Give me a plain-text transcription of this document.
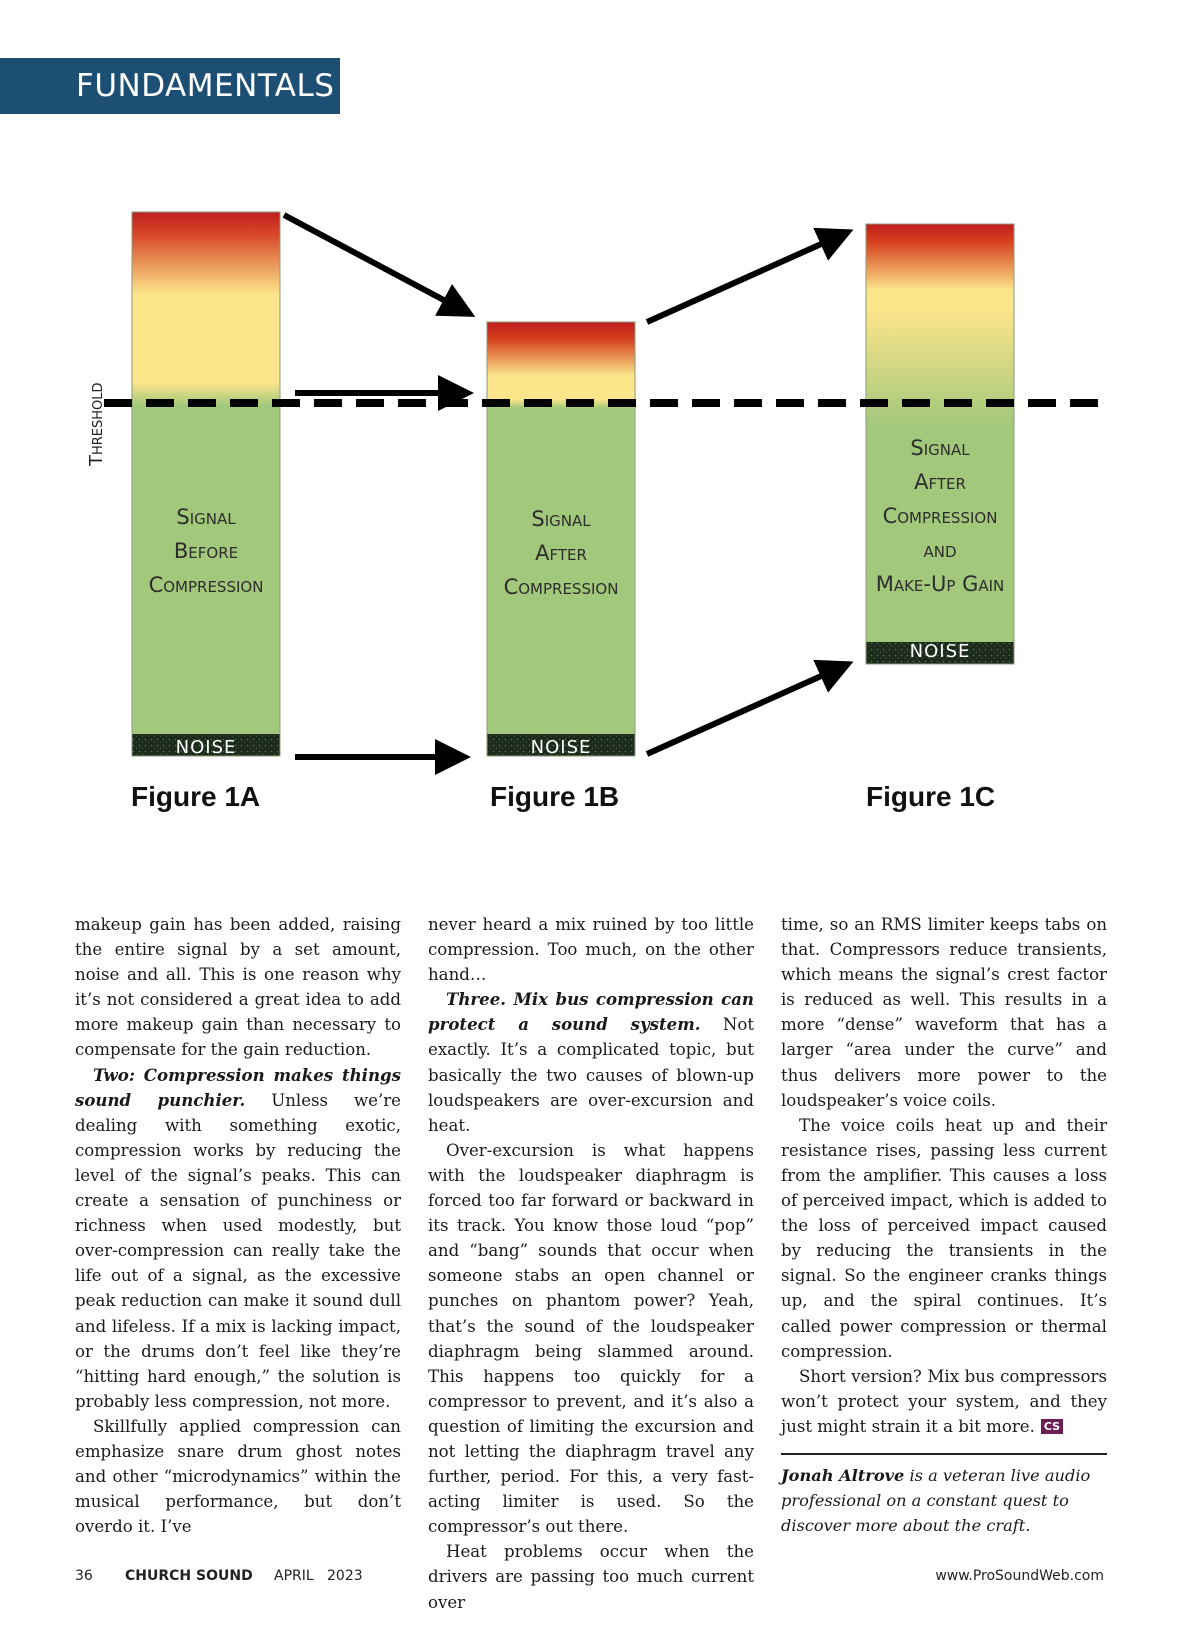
FUNDAMENTALS
Signal
Before
Compression
NOISE
Signal
After
Compression
NOISE
Signal
After
Compression
and
Make-Up Gain
NOISE
Threshold
Figure 1A	Figure 1B	Figure 1C

makeup gain has been added, raising the entire signal by a set amount, noise and all. This is one reason why it’s not considered a great idea to add more makeup gain than necessary to compensate for the gain reduction.

Two: Compression makes things sound punchier. Unless we’re dealing with something exotic, compression works by reducing the level of the signal’s peaks. This can create a sensation of punchiness or richness when used modestly, but over-compression can really take the life out of a signal, as the excessive peak reduction can make it sound dull and lifeless. If a mix is lacking impact, or the drums don’t feel like they’re “hitting hard enough,” the solution is probably less compression, not more.

Skillfully applied compression can emphasize snare drum ghost notes and other “microdynamics” within the musical performance, but don’t overdo it. I’ve

never heard a mix ruined by too little compression. Too much, on the other hand…

Three. Mix bus compression can protect a sound system. Not exactly. It’s a complicated topic, but basically the two causes of blown-up loudspeakers are over-excursion and heat.

Over-excursion is what happens with the loudspeaker diaphragm is forced too far forward or backward in its track. You know those loud “pop” and “bang” sounds that occur when someone stabs an open channel or punches on phantom power? Yeah, that’s the sound of the loudspeaker diaphragm being slammed around. This happens too quickly for a compressor to prevent, and it’s also a question of limiting the excursion and not letting the diaphragm travel any further, period. For this, a very fast-acting limiter is used. So the compressor’s out there.

Heat problems occur when the drivers are passing too much current over

time, so an RMS limiter keeps tabs on that. Compressors reduce transients, which means the signal’s crest factor is reduced as well. This results in a more “dense” waveform that has a larger “area under the curve” and thus delivers more power to the loudspeaker’s voice coils.

The voice coils heat up and their resistance rises, passing less current from the amplifier. This causes a loss of perceived impact, which is added to the loss of perceived impact caused by reducing the transients in the signal. So the engineer cranks things up, and the spiral continues. It’s called power compression or thermal compression.

Short version? Mix bus compressors won’t protect your system, and they just might strain it a bit more. CS

Jonah Altrove is a veteran live audio professional on a constant quest to discover more about the craft.
36 CHURCH SOUND APRIL 2023	www.ProSoundWeb.com
